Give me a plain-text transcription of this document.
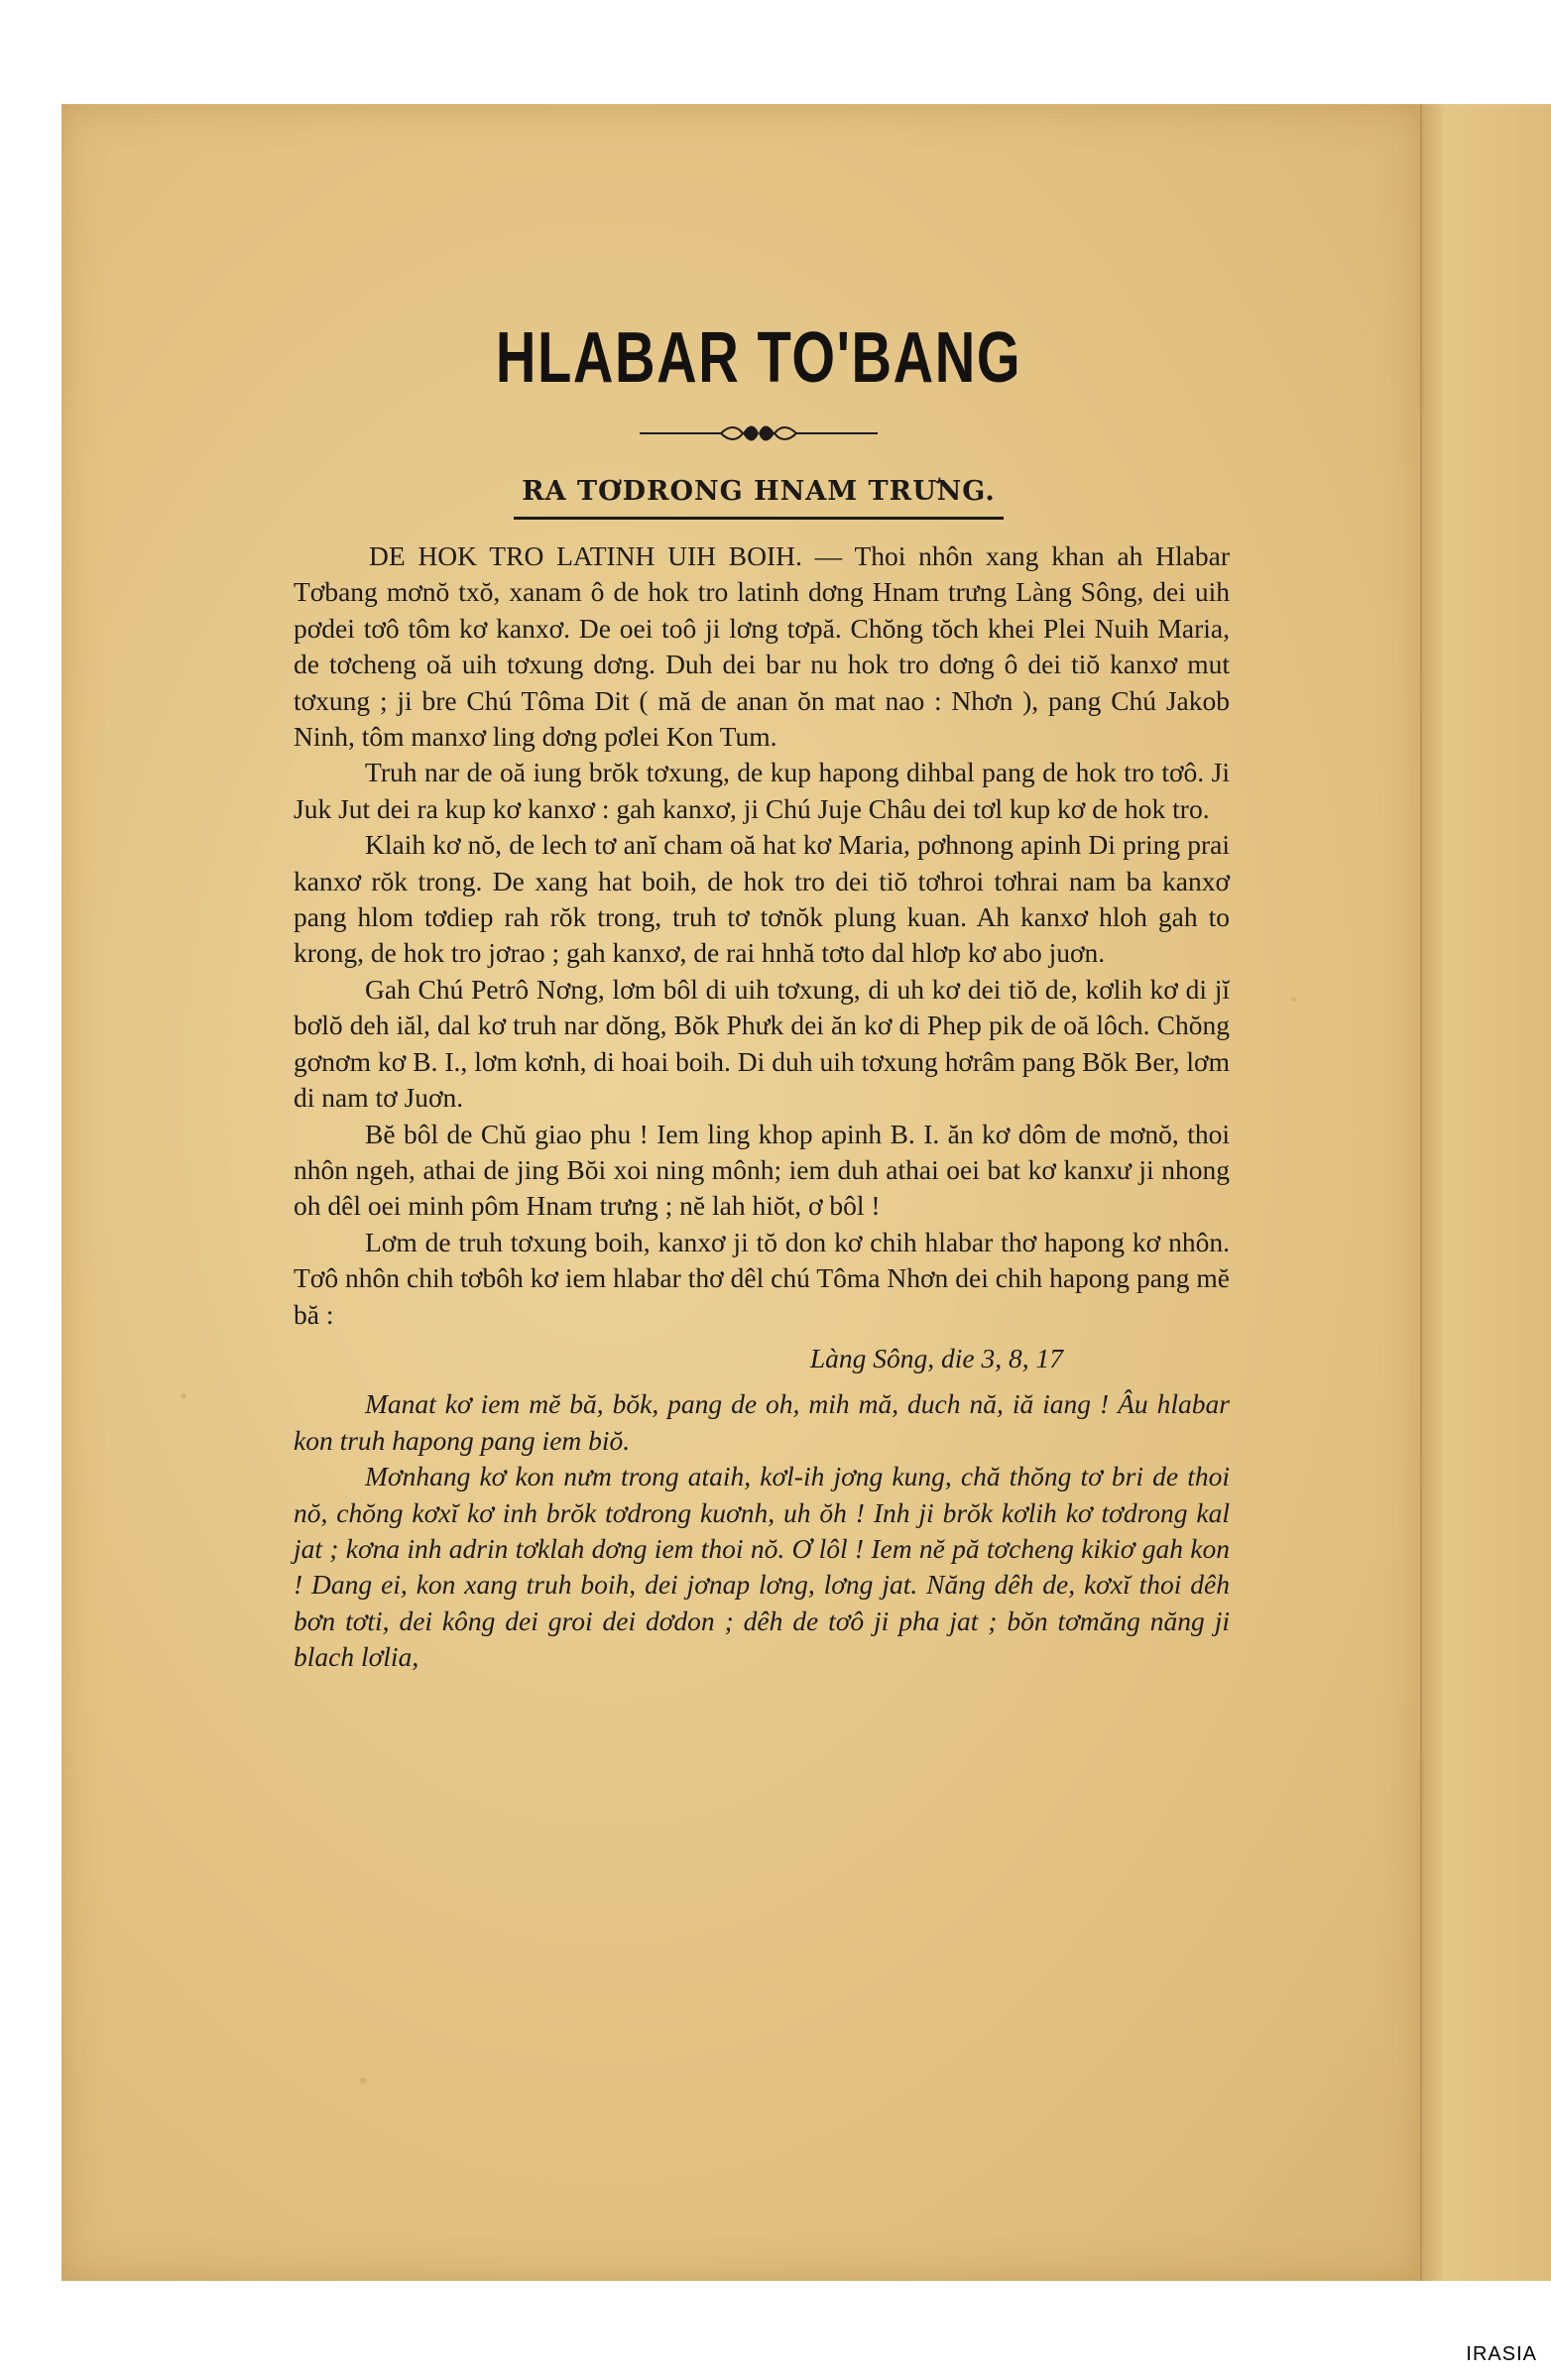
HLABAR TO'BANG
RA TƠDRONG HNAM TRƯNG.

DE HOK TRO LATINH UIH BOIH. — Thoi nhôn xang khan ah Hlabar Tơbang mơnŏ txŏ, xanam ô de hok tro latinh dơng Hnam trưng Làng Sông, dei uih pơdei tơô tôm kơ kanxơ. De oei toô ji lơng tơpă. Chŏng tŏch khei Plei Nuih Maria, de tơcheng oă uih tơxung dơng. Duh dei bar nu hok tro dơng ô dei tiŏ kanxơ mut tơxung ; ji bre Chú Tôma Dit ( mă de anan ŏn mat nao : Nhơn ), pang Chú Jakob Ninh, tôm manxơ ling dơng pơlei Kon Tum.

Truh nar de oă iung brŏk tơxung, de kup hapong dihbal pang de hok tro tơô. Ji Juk Jut dei ra kup kơ kanxơ : gah kanxơ, ji Chú Juje Châu dei tơl kup kơ de hok tro.

Klaih kơ nŏ, de lech tơ anĭ cham oă hat kơ Maria, pơhnong apinh Di pring prai kanxơ rŏk trong. De xang hat boih, de hok tro dei tiŏ tơhroi tơhrai nam ba kanxơ pang hlom tơdiep rah rŏk trong, truh tơ tơnŏk plung kuan. Ah kanxơ hloh gah to krong, de hok tro jơrao ; gah kanxơ, de rai hnhă tơto dal hlơp kơ abo juơn.

Gah Chú Petrô Nơng, lơm bôl di uih tơxung, di uh kơ dei tiŏ de, kơlih kơ di jĭ bơlŏ deh iăl, dal kơ truh nar dŏng, Bŏk Phưk dei ăn kơ di Phep pik de oă lôch. Chŏng gơnơm kơ B. I., lơm kơnh, di hoai boih. Di duh uih tơxung hơrâm pang Bŏk Ber, lơm di nam tơ Juơn.

Bĕ bôl de Chŭ giao phu ! Iem ling khop apinh B. I. ăn kơ dôm de mơnŏ, thoi nhôn ngeh, athai de jing Bŏi xoi ning mônh; iem duh athai oei bat kơ kanxư ji nhong oh dêl oei minh pôm Hnam trưng ; nĕ lah hiŏt, ơ bôl !

Lơm de truh tơxung boih, kanxơ ji tŏ don kơ chih hlabar thơ hapong kơ nhôn. Tơô nhôn chih tơbôh kơ iem hlabar thơ dêl chú Tôma Nhơn dei chih hapong pang mĕ bă :

Làng Sông, die 3, 8, 17

Manat kơ iem mĕ bă, bŏk, pang de oh, mih mă, duch nă, iă iang ! Âu hlabar kon truh hapong pang iem biŏ.

Mơnhang kơ kon nưm trong ataih, kơl-ih jơng kung, chă thŏng tơ bri de thoi nŏ, chŏng kơxĭ kơ inh brŏk tơdrong kuơnh, uh ŏh ! Inh ji brŏk kơlih kơ tơdrong kal jat ; kơna inh adrin tơklah dơng iem thoi nŏ. Ơ lôl ! Iem nĕ pă tơcheng kikiơ gah kon ! Dang ei, kon xang truh boih, dei jơnap lơng, lơng jat. Năng dêh de, kơxĭ thoi dêh bơn tơti, dei kông dei groi dei dơdon ; dêh de tơô ji pha jat ; bŏn tơmăng năng ji blach lơlia,

IRASIA
